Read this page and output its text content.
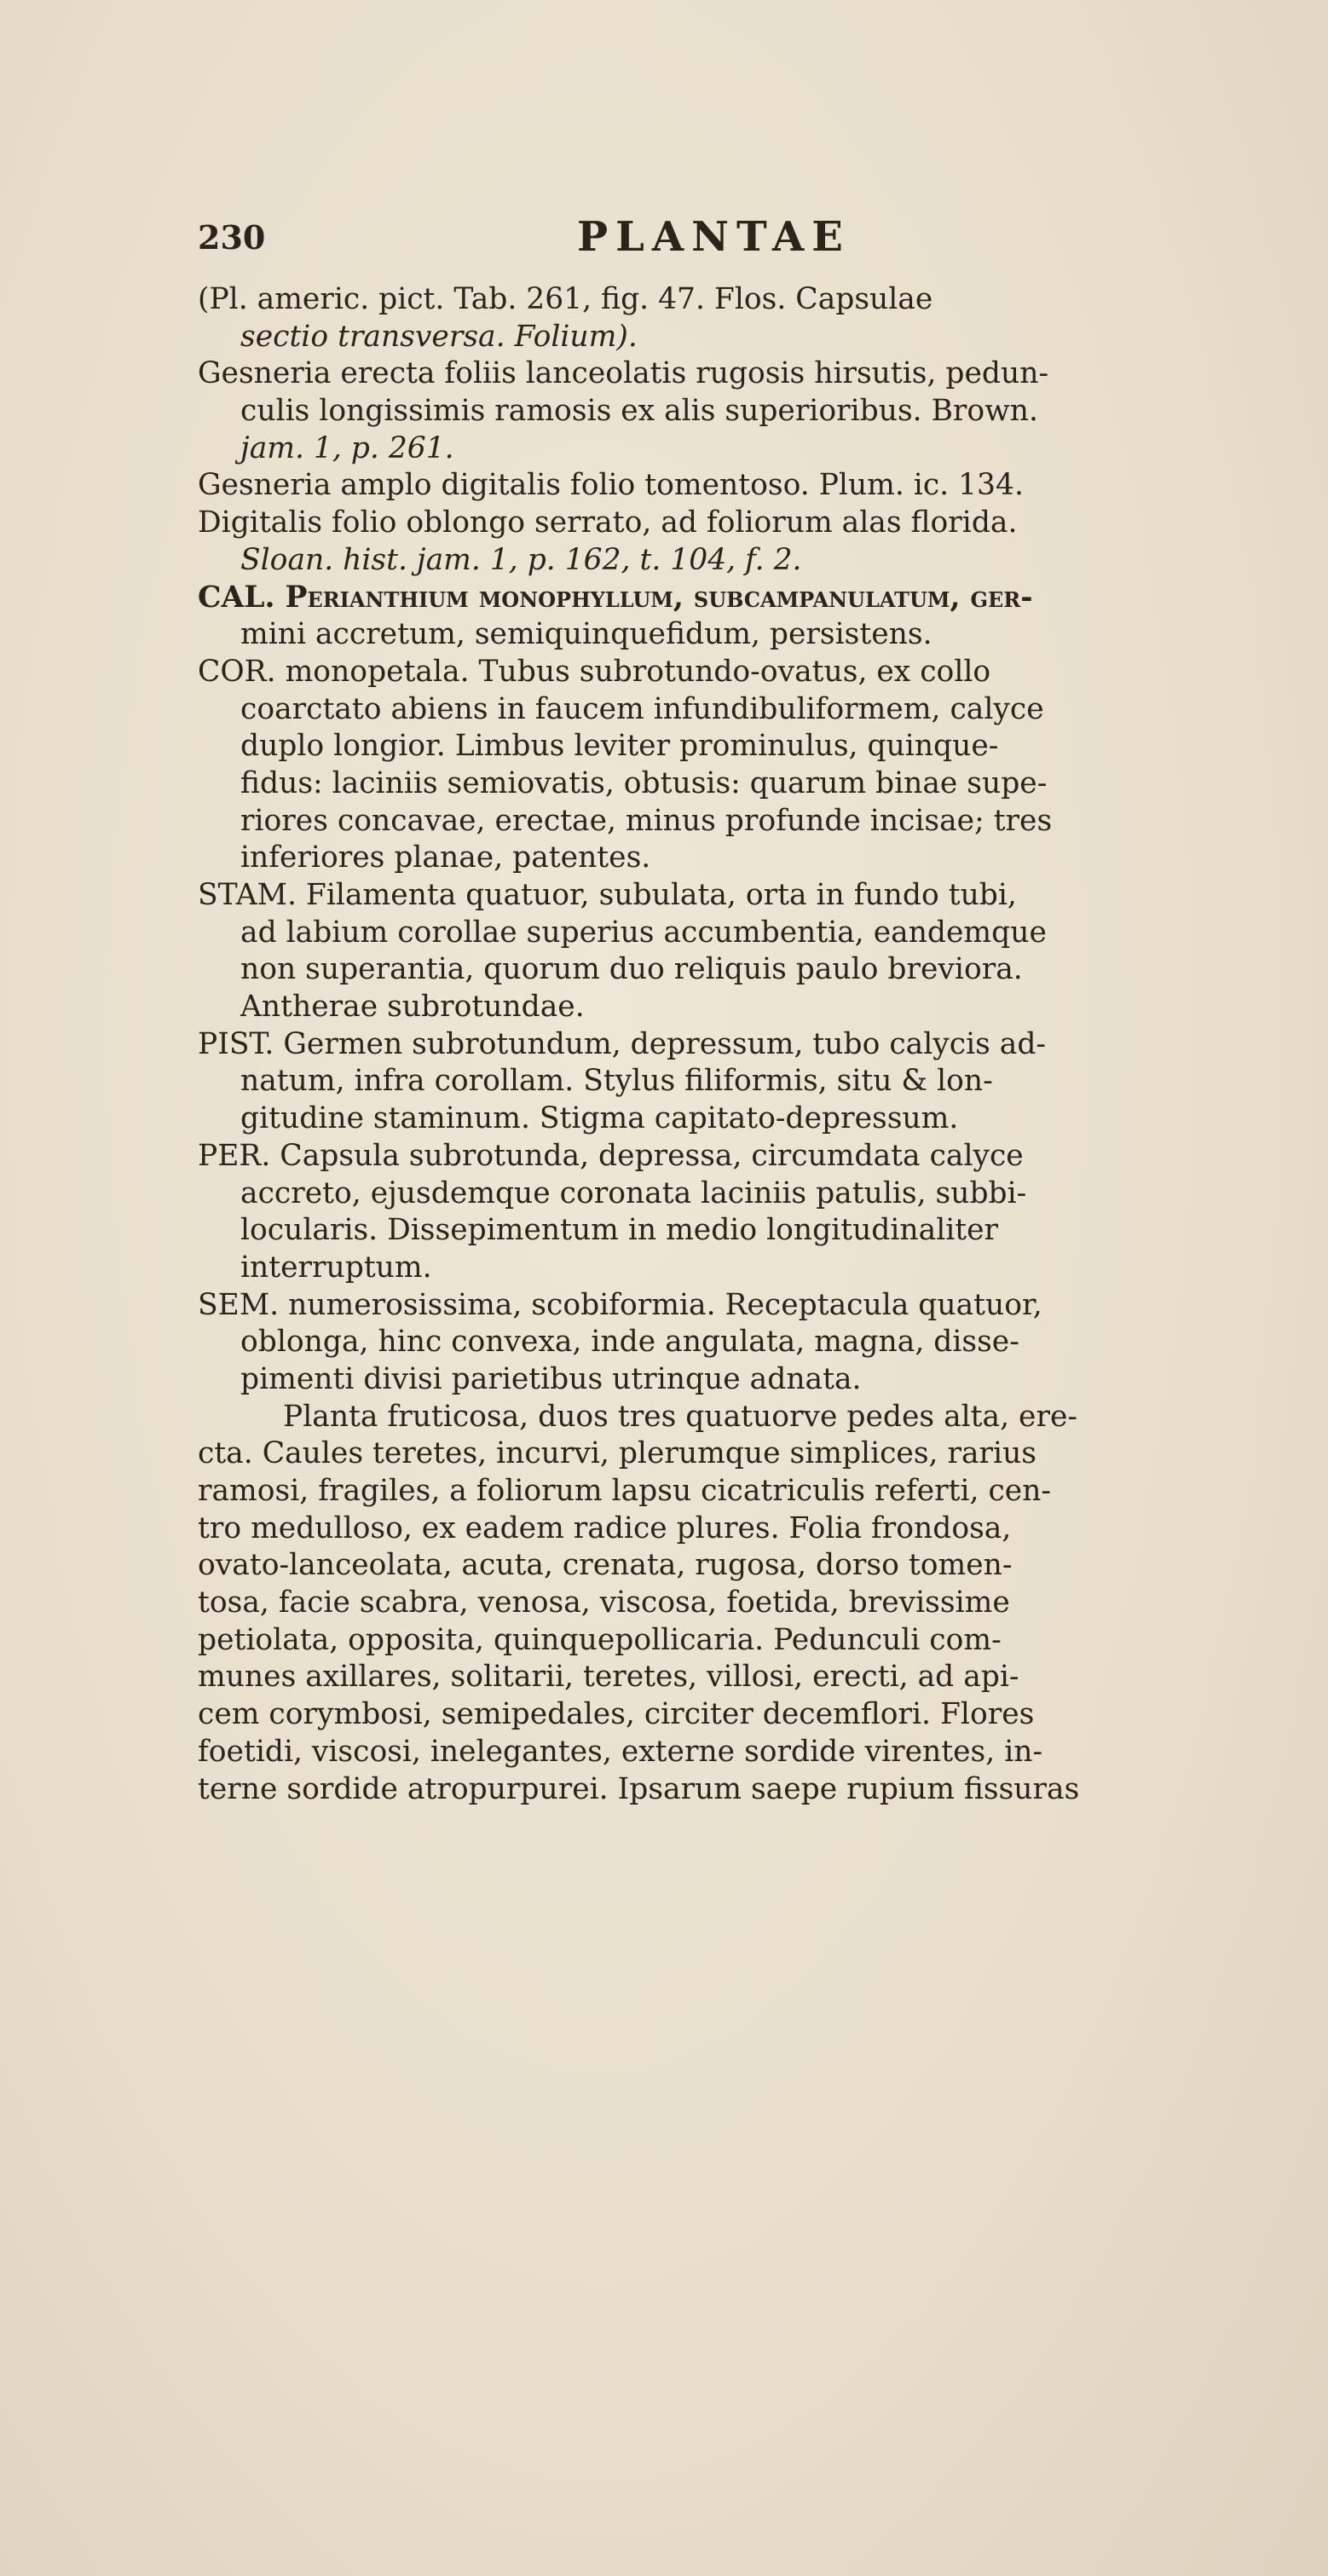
230	PLANTAE
(Pl. americ. pict. Tab. 261, fig. 47. Flos. Capsulae
sectio transversa. Folium).
Gesneria erecta foliis lanceolatis rugosis hirsutis, pedun-
culis longissimis ramosis ex alis superioribus. Brown.
jam. 1, p. 261.
Gesneria amplo digitalis folio tomentoso. Plum. ic. 134.
Digitalis folio oblongo serrato, ad foliorum alas florida.
Sloan. hist. jam. 1, p. 162, t. 104, f. 2.
CAL. Perianthium monophyllum, subcampanulatum, ger-
mini accretum, semiquinquefidum, persistens.
COR. monopetala. Tubus subrotundo-ovatus, ex collo
coarctato abiens in faucem infundibuliformem, calyce
duplo longior. Limbus leviter prominulus, quinque-
fidus: laciniis semiovatis, obtusis: quarum binae supe-
riores concavae, erectae, minus profunde incisae; tres
inferiores planae, patentes.
STAM. Filamenta quatuor, subulata, orta in fundo tubi,
ad labium corollae superius accumbentia, eandemque
non superantia, quorum duo reliquis paulo breviora.
Antherae subrotundae.
PIST. Germen subrotundum, depressum, tubo calycis ad-
natum, infra corollam. Stylus filiformis, situ & lon-
gitudine staminum. Stigma capitato-depressum.
PER. Capsula subrotunda, depressa, circumdata calyce
accreto, ejusdemque coronata laciniis patulis, subbi-
locularis. Dissepimentum in medio longitudinaliter
interruptum.
SEM. numerosissima, scobiformia. Receptacula quatuor,
oblonga, hinc convexa, inde angulata, magna, disse-
pimenti divisi parietibus utrinque adnata.
Planta fruticosa, duos tres quatuorve pedes alta, ere-
cta. Caules teretes, incurvi, plerumque simplices, rarius
ramosi, fragiles, a foliorum lapsu cicatriculis referti, cen-
tro medulloso, ex eadem radice plures. Folia frondosa,
ovato-lanceolata, acuta, crenata, rugosa, dorso tomen-
tosa, facie scabra, venosa, viscosa, foetida, brevissime
petiolata, opposita, quinquepollicaria. Pedunculi com-
munes axillares, solitarii, teretes, villosi, erecti, ad api-
cem corymbosi, semipedales, circiter decemflori. Flores
foetidi, viscosi, inelegantes, externe sordide virentes, in-
terne sordide atropurpurei. Ipsarum saepe rupium fissuras
